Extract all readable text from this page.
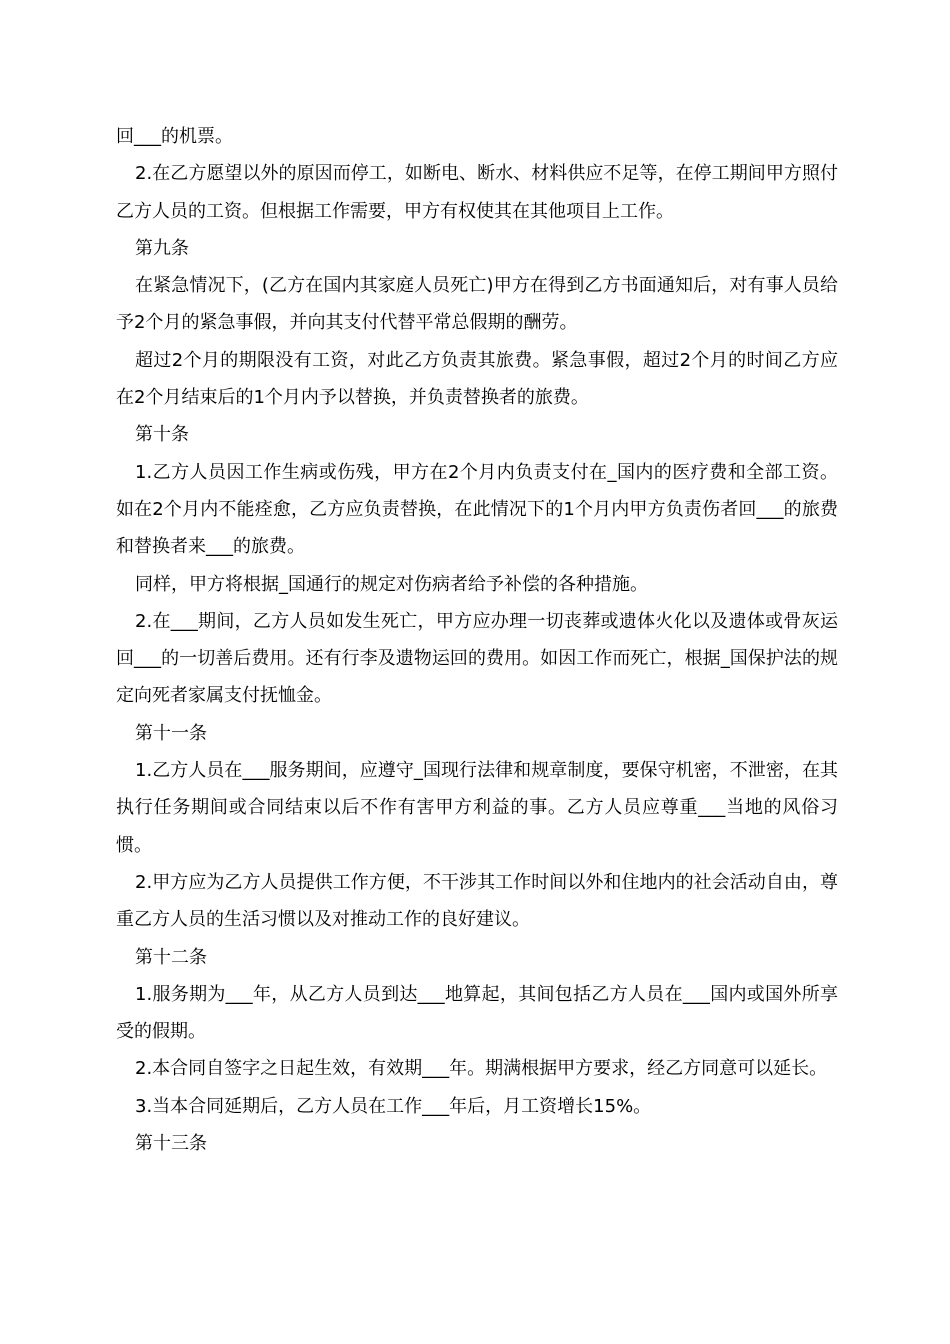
回___的机票。

2.在乙方愿望以外的原因而停工，如断电、断水、材料供应不足等，在停工期间甲方照付乙方人员的工资。但根据工作需要，甲方有权使其在其他项目上工作。

第九条

在紧急情况下，(乙方在国内其家庭人员死亡)甲方在得到乙方书面通知后，对有事人员给予2个月的紧急事假，并向其支付代替平常总假期的酬劳。

超过2个月的期限没有工资，对此乙方负责其旅费。紧急事假，超过2个月的时间乙方应在2个月结束后的1个月内予以替换，并负责替换者的旅费。

第十条

1.乙方人员因工作生病或伤残，甲方在2个月内负责支付在_国内的医疗费和全部工资。如在2个月内不能痊愈，乙方应负责替换，在此情况下的1个月内甲方负责伤者回___的旅费和替换者来___的旅费。

同样，甲方将根据_国通行的规定对伤病者给予补偿的各种措施。

2.在___期间，乙方人员如发生死亡，甲方应办理一切丧葬或遗体火化以及遗体或骨灰运回___的一切善后费用。还有行李及遗物运回的费用。如因工作而死亡，根据_国保护法的规定向死者家属支付抚恤金。

第十一条

1.乙方人员在___服务期间，应遵守_国现行法律和规章制度，要保守机密，不泄密，在其执行任务期间或合同结束以后不作有害甲方利益的事。乙方人员应尊重___当地的风俗习惯。

2.甲方应为乙方人员提供工作方便，不干涉其工作时间以外和住地内的社会活动自由，尊重乙方人员的生活习惯以及对推动工作的良好建议。

第十二条

1.服务期为___年，从乙方人员到达___地算起，其间包括乙方人员在___国内或国外所享受的假期。

2.本合同自签字之日起生效，有效期___年。期满根据甲方要求，经乙方同意可以延长。

3.当本合同延期后，乙方人员在工作___年后，月工资增长15%。

第十三条
